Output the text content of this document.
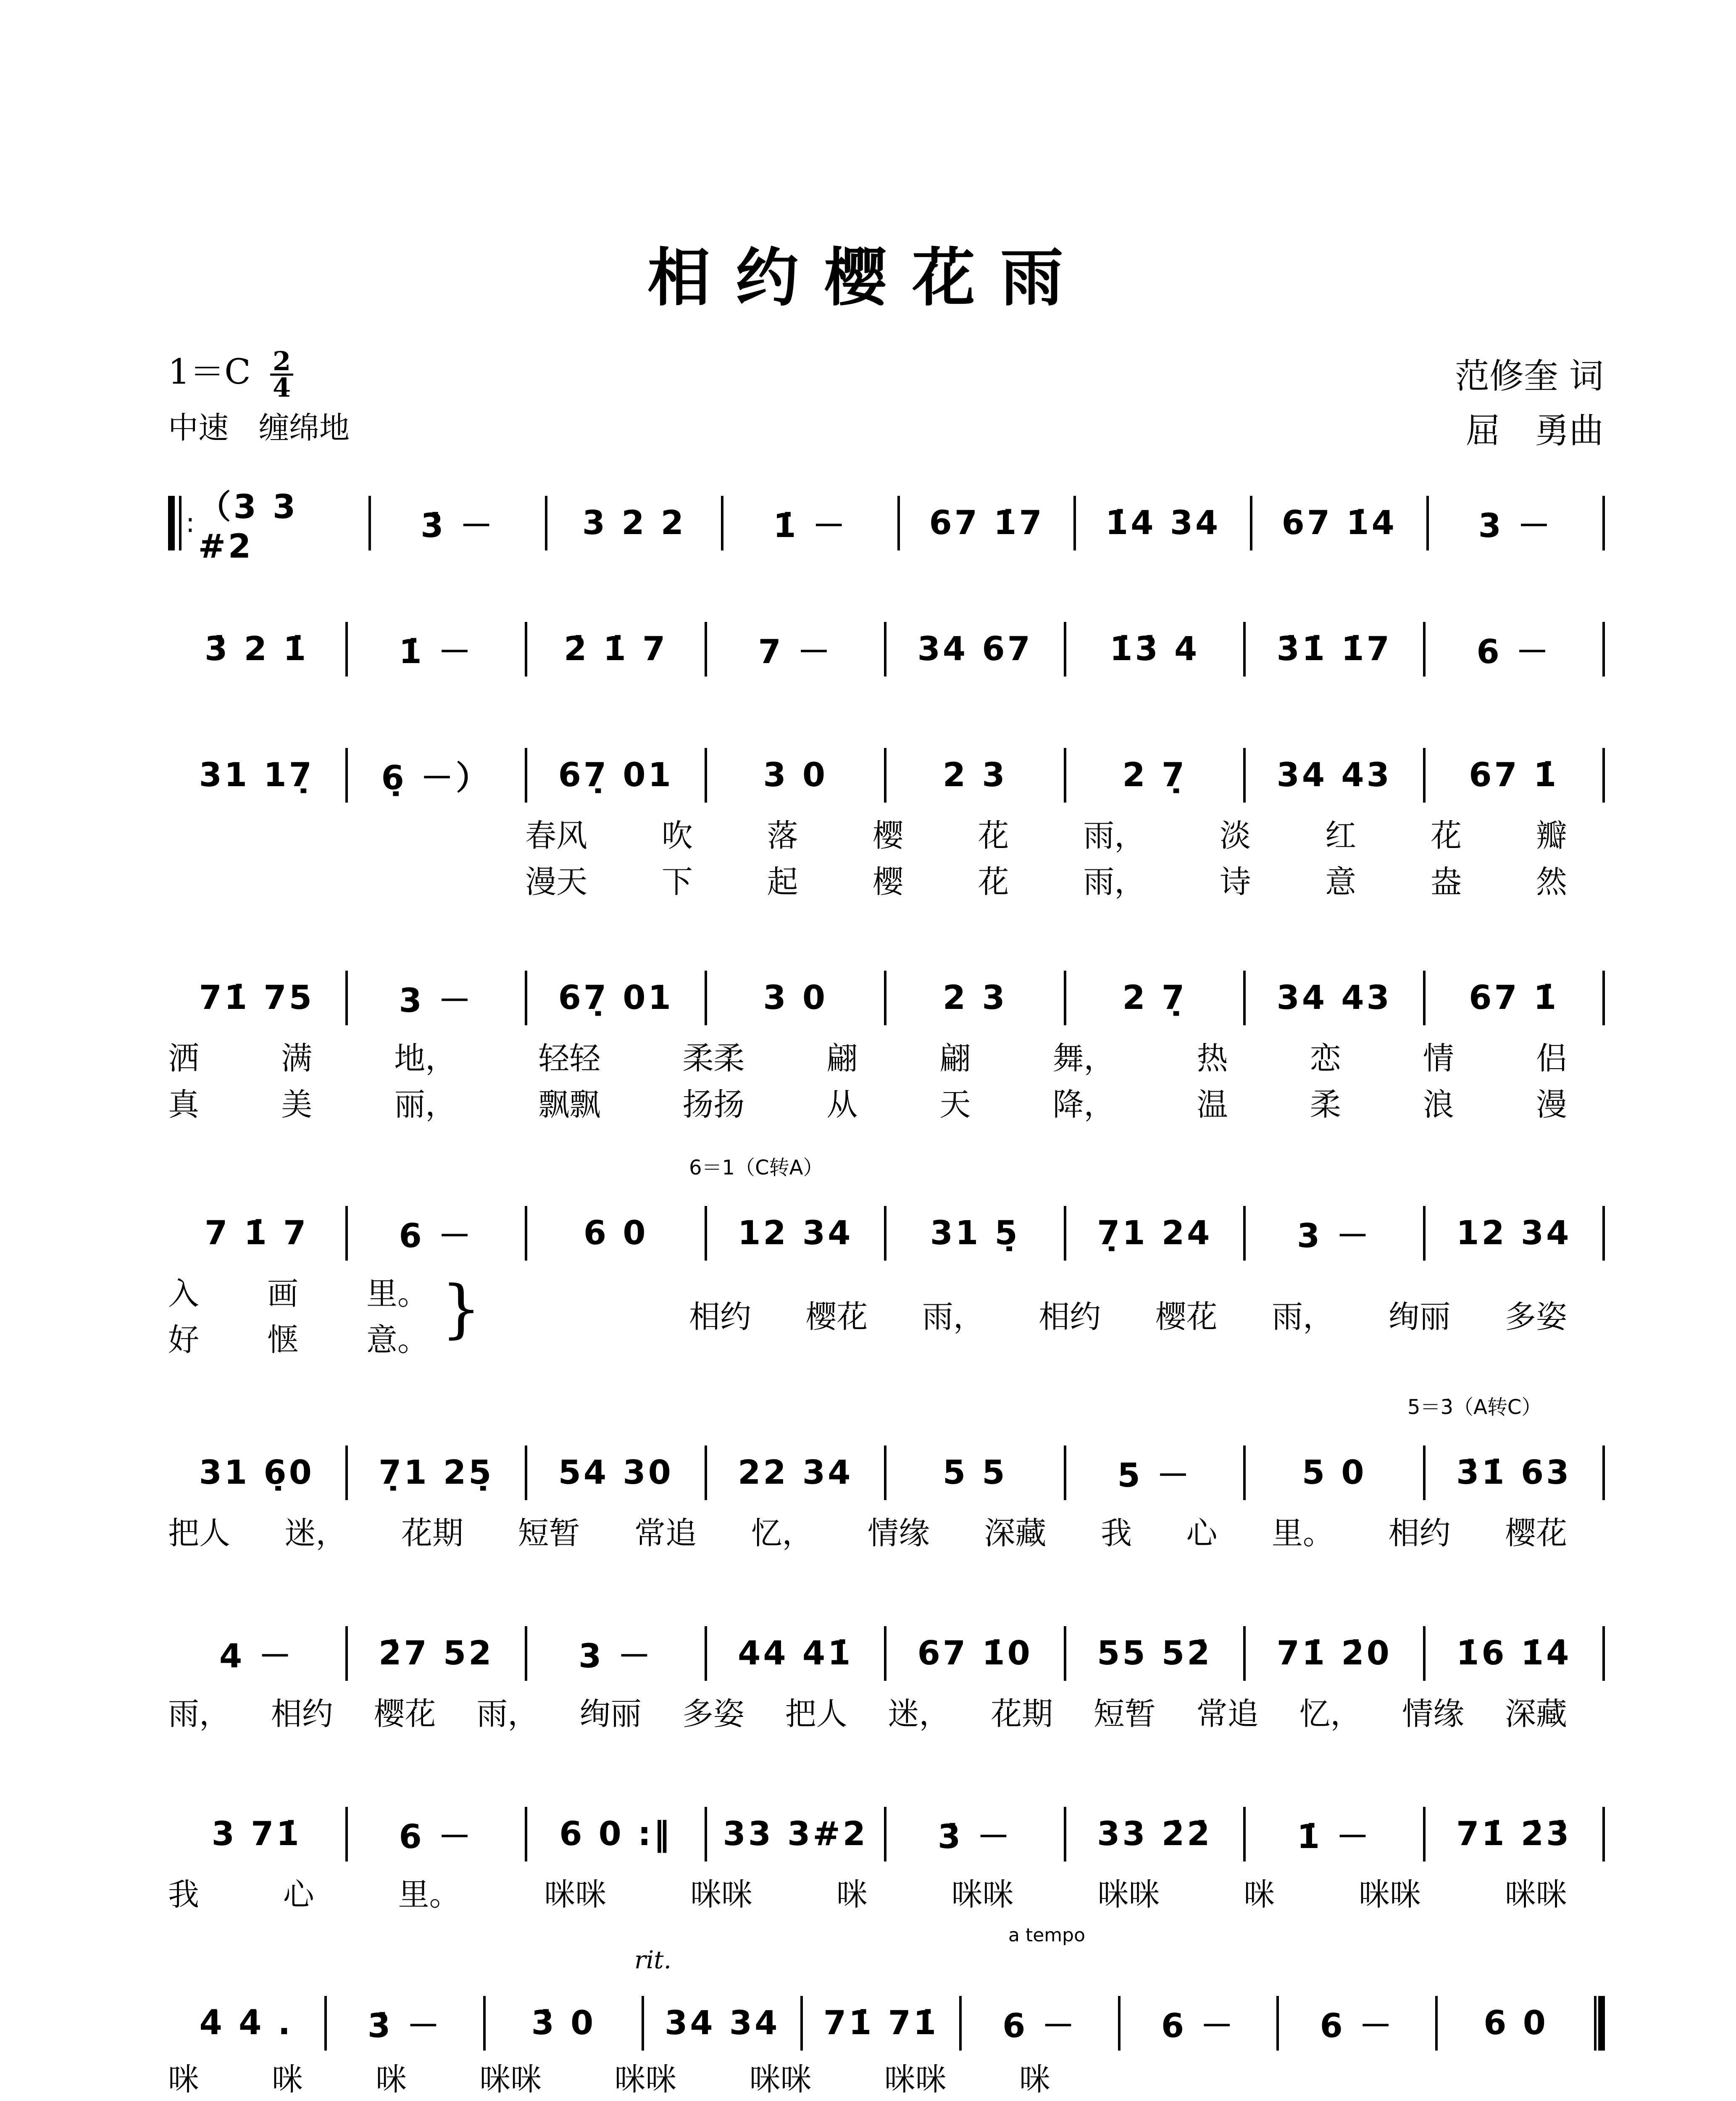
相约樱花雨
$1=C \frac{2}{4}$
中速　缠绵地
范修奎 词
屈　勇曲
: （3 3 #2
3̇ －	3 2 2	1̇ －	67 1̇7	1̇4 34	67 1̇4	3 －
3̇ 2 1̇	1̇ －	2̇ 1̇ 7	7 －	34 67	1̇3̇ 4	3̇1̇ 1̇7	6 －
31 17̣	6̣ －）	67̣ 01	3 0	2 3	2 7̣	34 43	67 1̇
71̇ 75	3 －	67̣ 01	3 0	2 3	2 7̣	34 43	67 1̇
7 1̇ 7	6 －	6 0	12 34	31 5̣	7̣1 24	3 －	12 34
31 6̣0	7̣1 25̣	54 30	22 34	5 5	5 －	5 0	3̇1̇ 63
4 －	2̇7 52	3 －	44 41̇	67 1̇0	55 52̇	71̇ 2̇0	1̇6 1̇4̇
3 71̇	6 －	6 0 :‖	33 3#2	3̇ －	33 2̇2̇	1̇ －	71̇ 2̇3̇
4̇ 4̇ .	3̇ －	3̇ 0	34 34	71̇ 71̇	6 －	6 －	6 －	6 0
6＝1（C转A）
5＝3̇（A转C）
rit.
a tempo
}
春风 吹 落 樱 花 雨， 淡 红 花 瓣
漫天 下 起 樱 花 雨， 诗 意 盎 然
洒	满	地，	轻轻	柔柔	翩	翩	舞，	热	恋	情	侣
真	美	丽，	飘飘	扬扬	从	天	降，	温	柔	浪	漫
入 画 里。
好 惬 意。
相约 樱花 雨， 相约 樱花 雨， 绚丽 多姿
把人 迷， 花期 短暂 常追 忆， 情缘 深藏 我 心 里。 相约 樱花
雨， 相约 樱花 雨， 绚丽 多姿 把人 迷， 花期 短暂 常追 忆， 情缘 深藏
我	心	里。	咪咪	咪咪	咪	咪咪	咪咪	咪	咪咪	咪咪
咪 咪 咪 咪咪 咪咪 咪咪 咪咪 咪
